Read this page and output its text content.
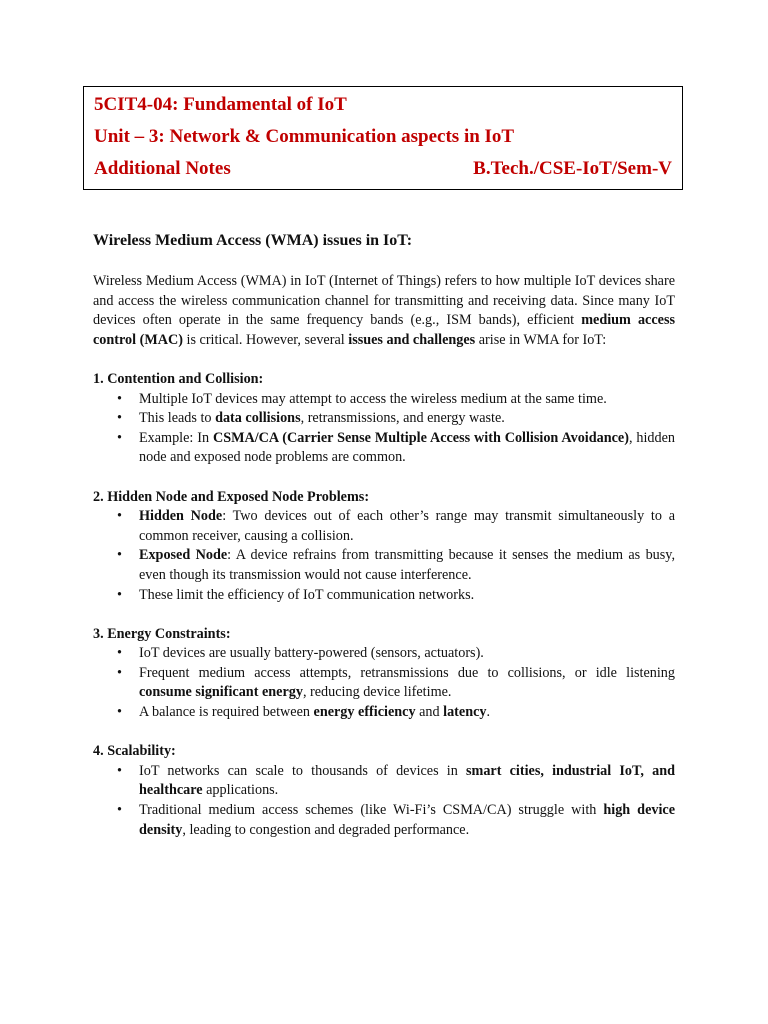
5CIT4-04: Fundamental of IoT
Unit – 3: Network & Communication aspects in IoT
Additional Notes	B.Tech./CSE-IoT/Sem-V
Wireless Medium Access (WMA) issues in IoT:

Wireless Medium Access (WMA) in IoT (Internet of Things) refers to how multiple IoT devices share and access the wireless communication channel for transmitting and receiving data. Since many IoT devices often operate in the same frequency bands (e.g., ISM bands), efficient medium access control (MAC) is critical. However, several issues and challenges arise in WMA for IoT:

1. Contention and Collision:

• Multiple IoT devices may attempt to access the wireless medium at the same time.
• This leads to data collisions, retransmissions, and energy waste.
• Example: In CSMA/CA (Carrier Sense Multiple Access with Collision Avoidance), hidden node and exposed node problems are common.

2. Hidden Node and Exposed Node Problems:

• Hidden Node: Two devices out of each other’s range may transmit simultaneously to a common receiver, causing a collision.
• Exposed Node: A device refrains from transmitting because it senses the medium as busy, even though its transmission would not cause interference.
• These limit the efficiency of IoT communication networks.

3. Energy Constraints:

• IoT devices are usually battery-powered (sensors, actuators).
• Frequent medium access attempts, retransmissions due to collisions, or idle listening consume significant energy, reducing device lifetime.
• A balance is required between energy efficiency and latency.

4. Scalability:

• IoT networks can scale to thousands of devices in smart cities, industrial IoT, and healthcare applications.
• Traditional medium access schemes (like Wi-Fi’s CSMA/CA) struggle with high device density, leading to congestion and degraded performance.
